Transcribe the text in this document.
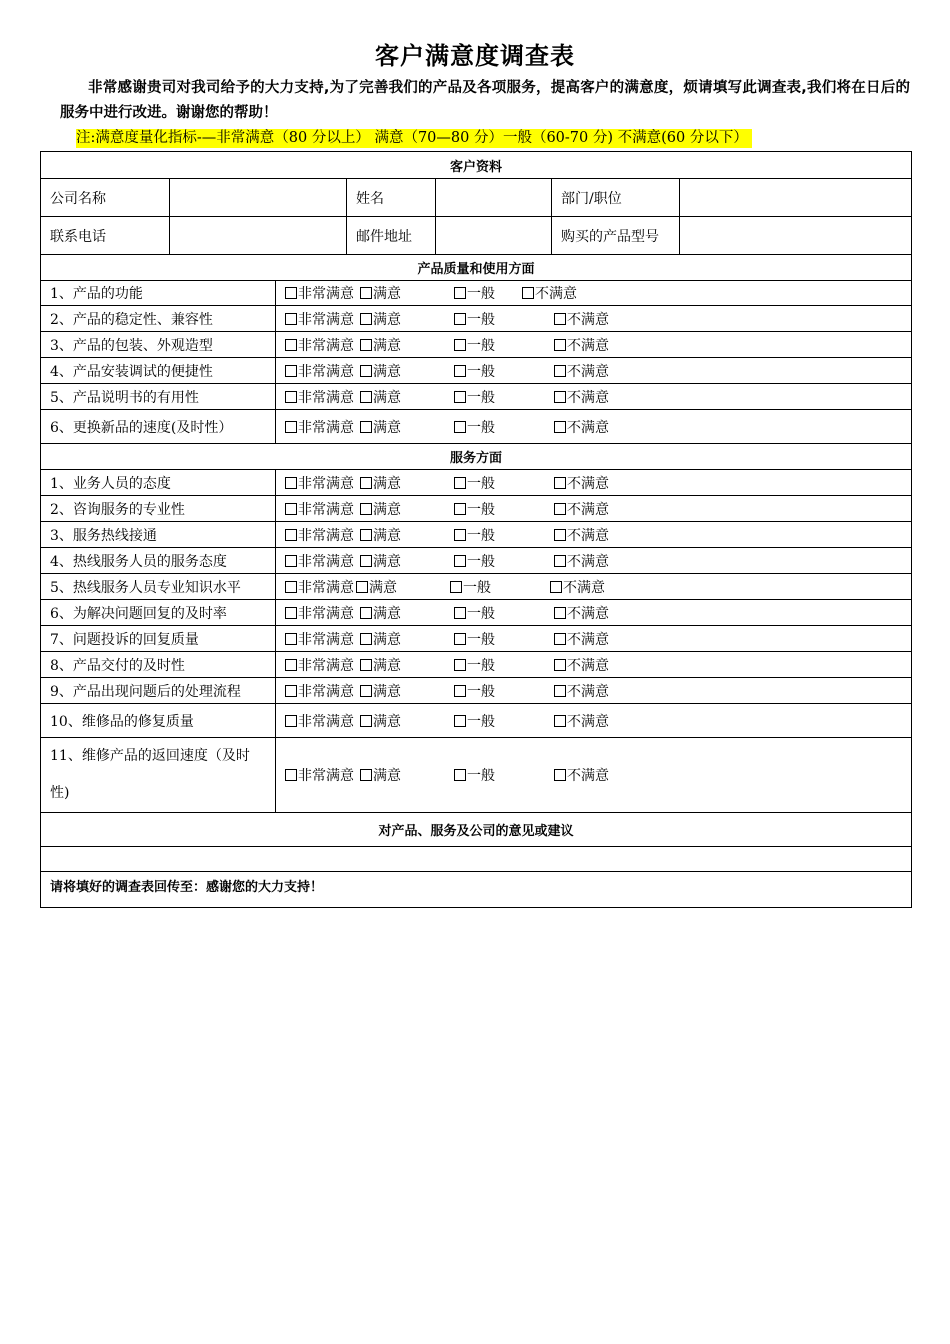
客户满意度调查表
非常感谢贵司对我司给予的大力支持,为了完善我们的产品及各项服务，提高客户的满意度，烦请填写此调查表,我们将在日后的服务中进行改进。谢谢您的帮助！
注:满意度量化指标-—非常满意（80 分以上） 满意（70—80 分）一般（60-70 分) 不满意(60 分以下）
客户资料						
公司名称			姓名		部门/职位	
联系电话			邮件地址		购买的产品型号	
产品质量和使用方面						
1、产品的功能		非常满意 满意 一般 不满意				

2、产品的稳定性、兼容性		非常满意 满意 一般 不满意				

3、产品的包装、外观造型		非常满意 满意 一般 不满意				

4、产品安装调试的便捷性		非常满意 满意 一般 不满意				

5、产品说明书的有用性		非常满意 满意 一般 不满意				

6、更换新品的速度(及时性）		非常满意 满意 一般 不满意				

服务方面						
1、业务人员的态度		非常满意 满意 一般 不满意				

2、咨询服务的专业性		非常满意 满意 一般 不满意				

3、服务热线接通		非常满意 满意 一般 不满意				

4、热线服务人员的服务态度		非常满意 满意 一般 不满意				

5、热线服务人员专业知识水平		非常满意 满意 一般 不满意				

6、为解决问题回复的及时率		非常满意 满意 一般 不满意				

7、问题投诉的回复质量		非常满意 满意 一般 不满意				

8、产品交付的及时性		非常满意 满意 一般 不满意				

9、产品出现问题后的处理流程		非常满意 满意 一般 不满意				

10、维修品的修复质量		非常满意 满意 一般 不满意				

11、维修产品的返回速度（及时性)		非常满意 满意 一般 不满意				

对产品、服务及公司的意见或建议						

请将填好的调查表回传至：感谢您的大力支持！						
